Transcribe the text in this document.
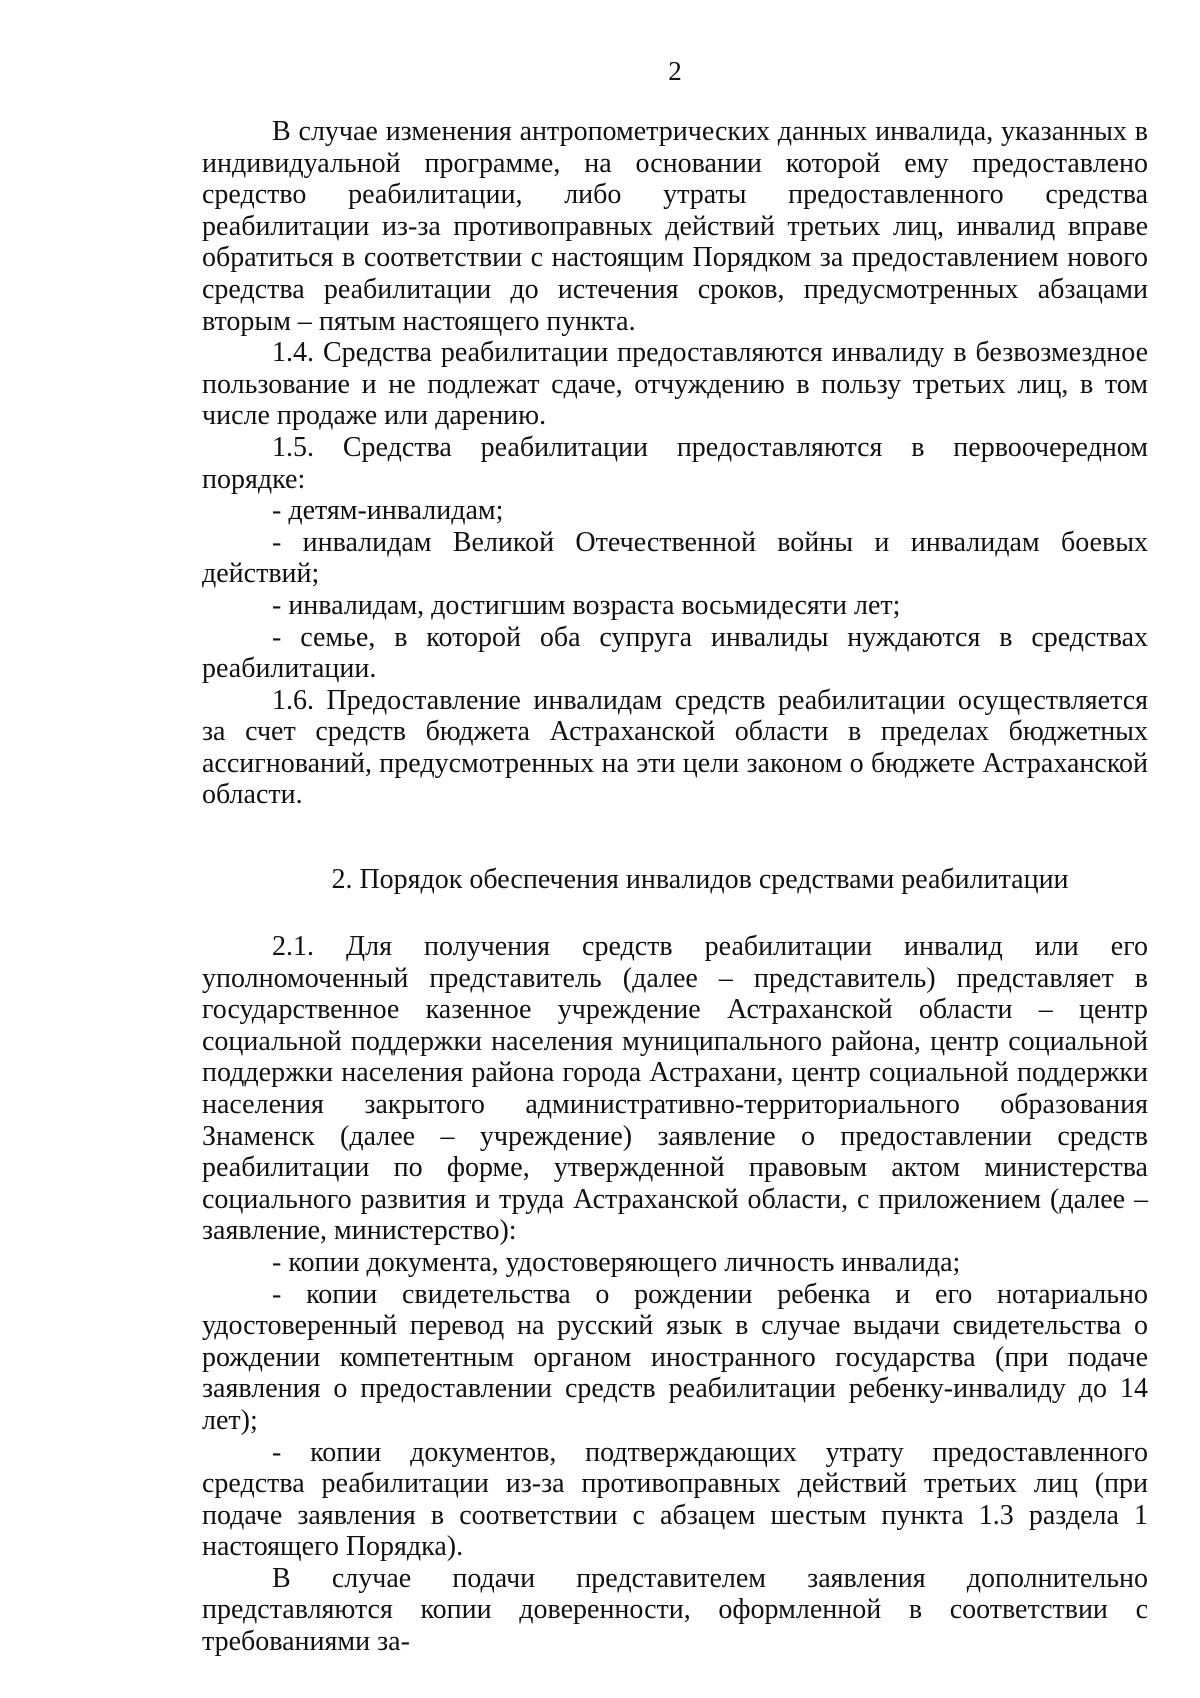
2

В случае изменения антропометрических данных инвалида, указанных в индивидуальной программе, на основании которой ему предоставлено средство реабилитации, либо утраты предоставленного средства реабилитации из-за противоправных действий третьих лиц, инвалид вправе обратиться в соответствии с настоящим Порядком за предоставлением нового средства реабилитации до истечения сроков, предусмотренных абзацами вторым – пятым настоящего пункта.

1.4. Средства реабилитации предоставляются инвалиду в безвозмездное пользование и не подлежат сдаче, отчуждению в пользу третьих лиц, в том числе продаже или дарению.

1.5. Средства реабилитации предоставляются в первоочередном порядке:

- детям-инвалидам;

- инвалидам Великой Отечественной войны и инвалидам боевых действий;

- инвалидам, достигшим возраста восьмидесяти лет;

- семье, в которой оба супруга инвалиды нуждаются в средствах реабилитации.

1.6. Предоставление инвалидам средств реабилитации осуществляется за счет средств бюджета Астраханской области в пределах бюджетных ассигнований, предусмотренных на эти цели законом о бюджете Астраханской области.

2. Порядок обеспечения инвалидов средствами реабилитации

2.1. Для получения средств реабилитации инвалид или его уполномоченный представитель (далее – представитель) представляет в государственное казенное учреждение Астраханской области – центр социальной поддержки населения муниципального района, центр социальной поддержки населения района города Астрахани, центр социальной поддержки населения закрытого административно-территориального образования Знаменск (далее – учреждение) заявление о предоставлении средств реабилитации по форме, утвержденной правовым актом министерства социального развития и труда Астраханской области, с приложением (далее – заявление, министерство):

- копии документа, удостоверяющего личность инвалида;

- копии свидетельства о рождении ребенка и его нотариально удостоверенный перевод на русский язык в случае выдачи свидетельства о рождении компетентным органом иностранного государства (при подаче заявления о предоставлении средств реабилитации ребенку-инвалиду до 14 лет);

- копии документов, подтверждающих утрату предоставленного средства реабилитации из-за противоправных действий третьих лиц (при подаче заявления в соответствии с абзацем шестым пункта 1.3 раздела 1 настоящего Порядка).

В случае подачи представителем заявления дополнительно представляются копии доверенности, оформленной в соответствии с требованиями за-
